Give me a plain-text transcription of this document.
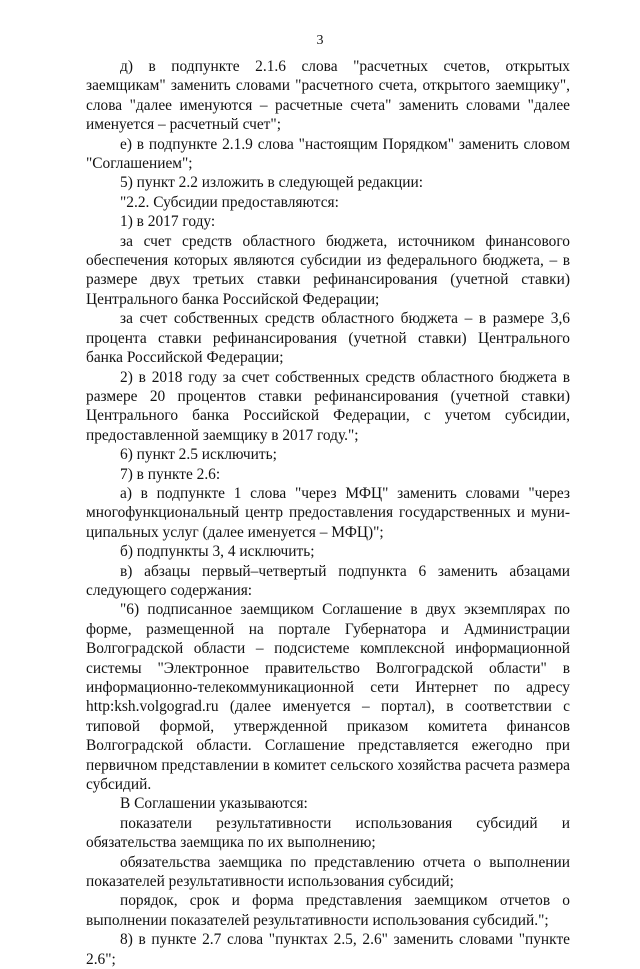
3

д) в подпункте 2.1.6 слова "расчетных счетов, открытых заемщикам" заменить словами "расчетного счета, открытого заемщику", слова "далее именуются – расчетные счета" заменить словами "далее именуется – расчетный счет";

е) в подпункте 2.1.9 слова "настоящим Порядком" заменить словом "Соглашением";

5) пункт 2.2 изложить в следующей редакции:

"2.2. Субсидии предоставляются:

1) в 2017 году:

за счет средств областного бюджета, источником финансового обеспечения которых являются субсидии из федерального бюджета, – в размере двух третьих ставки рефинансирования (учетной ставки) Центрального банка Российской Федерации;

за счет собственных средств областного бюджета – в размере 3,6 процента ставки рефинансирования (учетной ставки) Центрального банка Российской Федерации;

2) в 2018 году за счет собственных средств областного бюджета в размере 20 процентов ставки рефинансирования (учетной ставки) Центрального банка Российской Федерации, с учетом субсидии, предоставленной заемщику в 2017 году.";

6) пункт 2.5 исключить;

7) в пункте 2.6:

а) в подпункте 1 слова "через МФЦ" заменить словами "через многофункциональный центр предоставления государственных и муниципальных услуг (далее именуется – МФЦ)";

б) подпункты 3, 4 исключить;

в) абзацы первый–четвертый подпункта 6 заменить абзацами следующего содержания:

"6) подписанное заемщиком Соглашение в двух экземплярах по форме, размещенной на портале Губернатора и Администрации Волгоградской области – подсистеме комплексной информационной системы "Электронное правительство Волгоградской области" в информационно-телекоммуникационной сети Интернет по адресу http:ksh.volgograd.ru (далее именуется – портал), в соответствии с типовой формой, утвержденной приказом комитета финансов Волгоградской области. Соглашение представляется ежегодно при первичном представлении в комитет сельского хозяйства расчета размера субсидий.

В Соглашении указываются:

показатели результативности использования субсидий и обязательства заемщика по их выполнению;

обязательства заемщика по представлению отчета о выполнении показателей результативности использования субсидий;

порядок, срок и форма представления заемщиком отчетов о выполнении показателей результативности использования субсидий.";

8) в пункте 2.7 слова "пунктах 2.5, 2.6" заменить словами "пункте 2.6";
